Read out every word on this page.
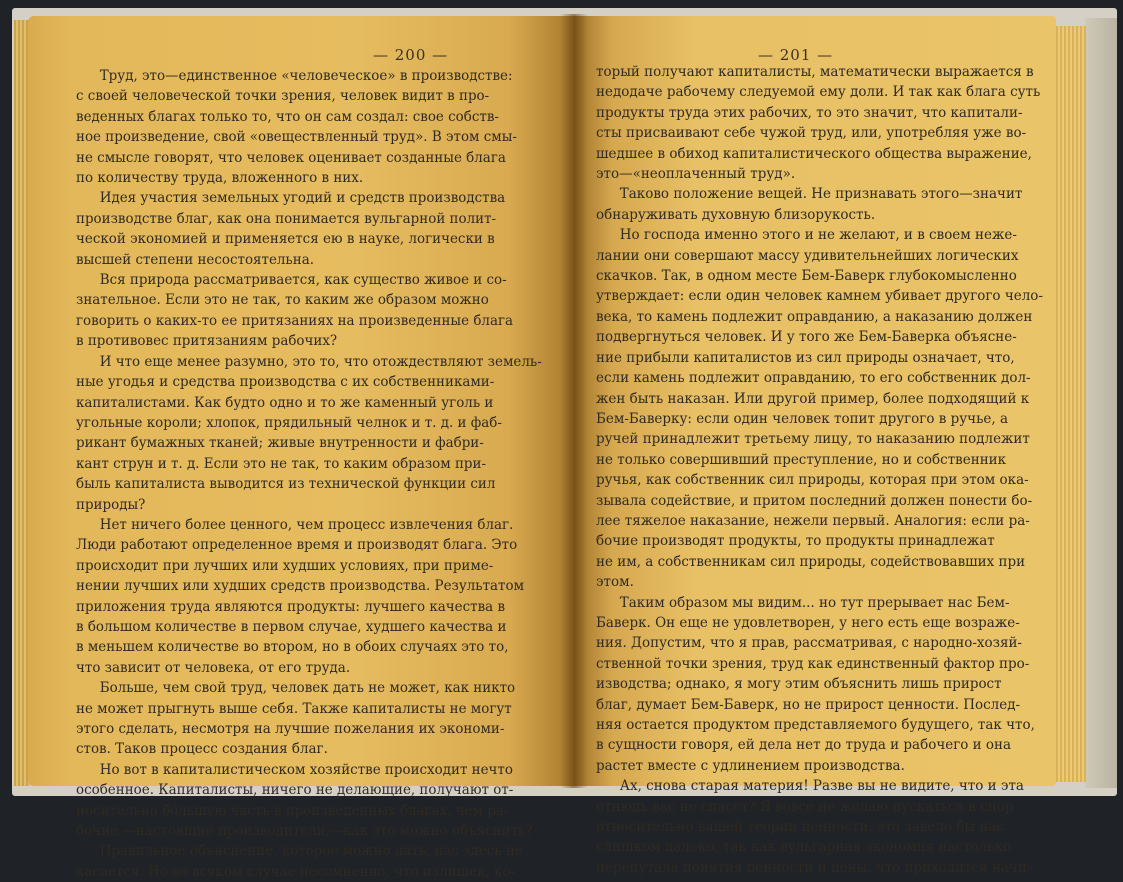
— 200 —
Труд, это—единственное «человеческое» в производстве:
с своей человеческой точки зрения, человек видит в про-
веденных благах только то, что он сам создал: свое собств-
ное произведение, свой «овеществленный труд». В этом смы-
не смысле говорят, что человек оценивает созданные блага
по количеству труда, вложенного в них.
Идея участия земельных угодий и средств производства
производстве благ, как она понимается вульгарной полит-
ческой экономией и применяется ею в науке, логически в
высшей степени несостоятельна.
Вся природа рассматривается, как существо живое и со-
знательное. Если это не так, то каким же образом можно
говорить о каких-то ее притязаниях на произведенные блага
в противовес притязаниям рабочих?
И что еще менее разумно, это то, что отождествляют земель-
ные угодья и средства производства с их собственниками-
капиталистами. Как будто одно и то же каменный уголь и
угольные короли; хлопок, прядильный челнок и т. д. и фаб-
рикант бумажных тканей; живые внутренности и фабри-
кант струн и т. д. Если это не так, то каким образом при-
быль капиталиста выводится из технической функции сил
природы?
Нет ничего более ценного, чем процесс извлечения благ.
Люди работают определенное время и производят блага. Это
происходит при лучших или худших условиях, при приме-
нении лучших или худших средств производства. Результатом
приложения труда являются продукты: лучшего качества в
в большом количестве в первом случае, худшего качества и
в меньшем количестве во втором, но в обоих случаях это то,
что зависит от человека, от его труда.
Больше, чем свой труд, человек дать не может, как никто
не может прыгнуть выше себя. Также капиталисты не могут
этого сделать, несмотря на лучшие пожелания их экономи-
стов. Таков процесс создания благ.
Но вот в капиталистическом хозяйстве происходит нечто
особенное. Капиталисты, ничего не делающие, получают от-
носительно бо́льшую часть в произведенных благах, чем ра-
бочие,—настоящие производители,—как это можно объяснить?
Правильное объяснение, которое можно дать, нас здесь не
касается. Но во всяком случае несомненно, что излишек, ко-
— 201 —
торый получают капиталисты, математически выражается в
недодаче рабочему следуемой ему доли. И так как блага суть
продукты труда этих рабочих, то это значит, что капитали-
сты присваивают себе чужой труд, или, употребляя уже во-
шедшее в обиход капиталистического общества выражение,
это—«неоплаченный труд».
Таково положение вещей. Не признавать этого—значит
обнаруживать духовную близорукость.
Но господа именно этого и не желают, и в своем неже-
лании они совершают массу удивительнейших логических
скачков. Так, в одном месте Бем-Баверк глубокомысленно
утверждает: если один человек камнем убивает другого чело-
века, то камень подлежит оправданию, а наказанию должен
подвергнуться человек. И у того же Бем-Баверка объясне-
ние прибыли капиталистов из сил природы означает, что,
если камень подлежит оправданию, то его собственник дол-
жен быть наказан. Или другой пример, более подходящий к
Бем-Баверку: если один человек топит другого в ручье, а
ручей принадлежит третьему лицу, то наказанию подлежит
не только совершивший преступление, но и собственник
ручья, как собственник сил природы, которая при этом ока-
зывала содействие, и притом последний должен понести бо-
лее тяжелое наказание, нежели первый. Аналогия: если ра-
бочие производят продукты, то продукты принадлежат
не им, а собственникам сил природы, содействовавших при
этом.
Таким образом мы видим... но тут прерывает нас Бем-
Баверк. Он еще не удовлетворен, у него есть еще возраже-
ния. Допустим, что я прав, рассматривая, с народно-хозяй-
ственной точки зрения, труд как единственный фактор про-
изводства; однако, я могу этим объяснить лишь прирост
благ, думает Бем-Баверк, но не прирост ценности. Послед-
няя остается продуктом представляемого будущего, так что,
в сущности говоря, ей дела нет до труда и рабочего и она
растет вместе с удлинением производства.
Ах, снова старая материя! Разве вы не видите, что и эта
отнюдь вас не спасет? Я вовсе не желаю пускаться в спор
относительно вашей теории ценности, это завело бы нас
слишком далеко, так как вульгарная экономия настолько
перепутала понятия ценности и цены, что приходится начи-
